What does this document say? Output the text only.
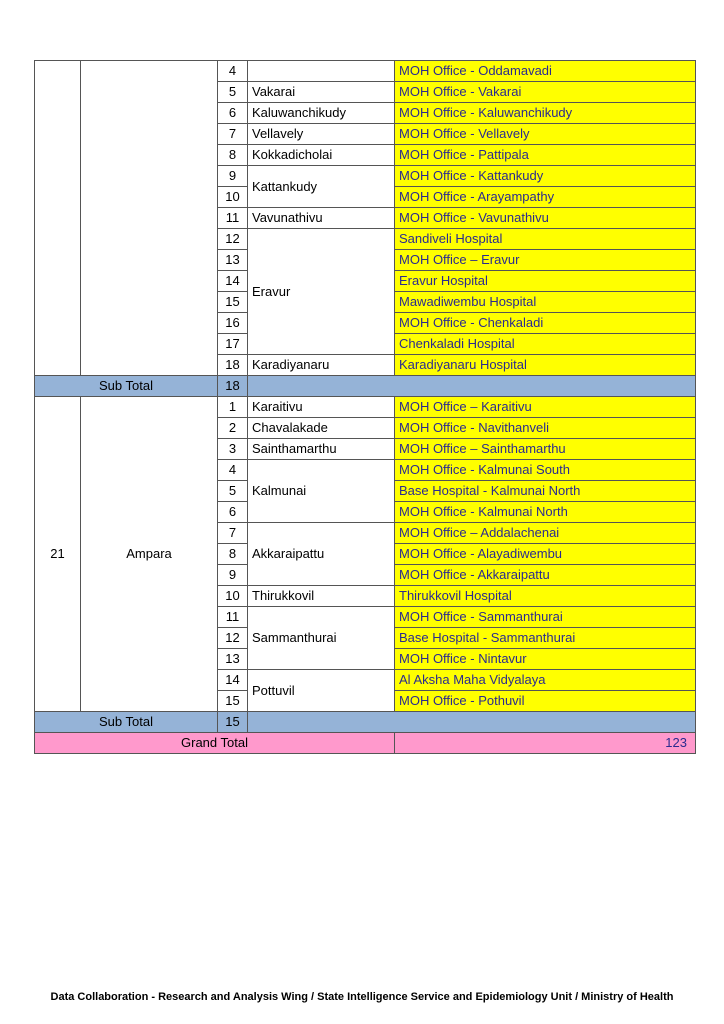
		4		MOH Office - Oddamavadi
		5	Vakarai	MOH Office - Vakarai
		6	Kaluwanchikudy	MOH Office - Kaluwanchikudy
		7	Vellavely	MOH Office - Vellavely
		8	Kokkadicholai	MOH Office - Pattipala
		9	Kattankudy	MOH Office - Kattankudy
		10		MOH Office - Arayampathy
		11	Vavunathivu	MOH Office - Vavunathivu
		12	Eravur	Sandiveli Hospital
		13		MOH Office – Eravur
		14		Eravur Hospital
		15		Mawadiwembu Hospital
		16		MOH Office - Chenkaladi
		17		Chenkaladi Hospital
		18	Karadiyanaru	Karadiyanaru Hospital
Sub Total		18		
21	Ampara	1	Karaitivu	MOH Office – Karaitivu
		2	Chavalakade	MOH Office - Navithanveli
		3	Sainthamarthu	MOH Office – Sainthamarthu
		4	Kalmunai	MOH Office - Kalmunai South
		5		Base Hospital - Kalmunai North
		6		MOH Office - Kalmunai North
		7	Akkaraipattu	MOH Office – Addalachenai
		8		MOH Office - Alayadiwembu
		9		MOH Office - Akkaraipattu
		10	Thirukkovil	Thirukkovil Hospital
		11	Sammanthurai	MOH Office - Sammanthurai
		12		Base Hospital - Sammanthurai
		13		MOH Office - Nintavur
		14	Pottuvil	Al Aksha Maha Vidyalaya
		15		MOH Office - Pothuvil
Sub Total		15		
Grand Total				123
Data Collaboration - Research and Analysis Wing / State Intelligence Service and Epidemiology Unit / Ministry of Health
